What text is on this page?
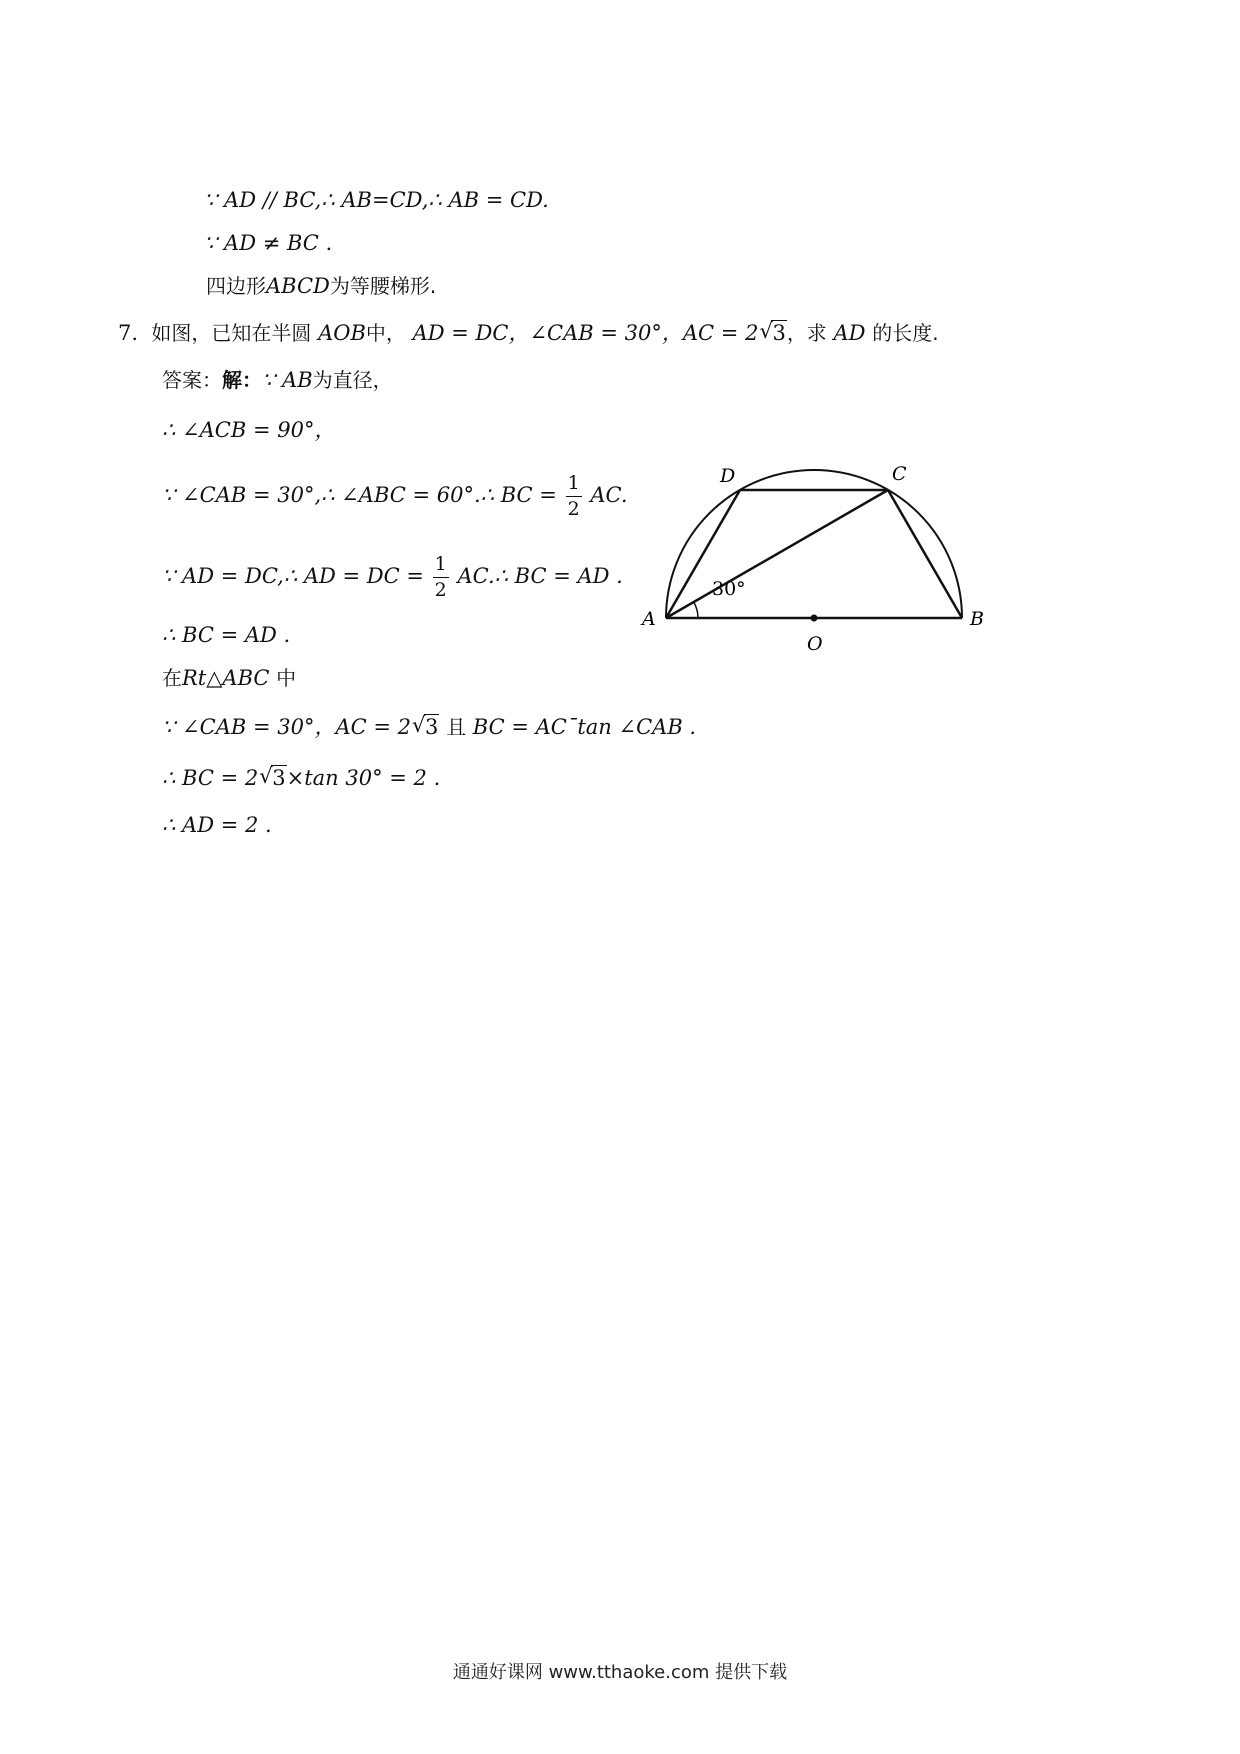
∵ AD // BC,∴ AB=CD,∴ AB = CD.
∵ AD ≠ BC .
四边形ABCD为等腰梯形.
7. 如图，已知在半圆 AOB中， AD = DC，∠CAB = 30°，AC = 2 √ 3，求 AD 的长度.
答案：解：∵ AB为直径，
∴ ∠ACB = 90°，
∵ ∠CAB = 30°,∴ ∠ABC = 60°.∴ BC = $\frac{1}{2}$ AC.
∵ AD = DC,∴ AD = DC = $\frac{1}{2}$ AC.∴ BC = AD .
∴ BC = AD .
在Rt△ABC 中
∵ ∠CAB = 30°，AC = 2 √ 3 且 BC = AC¯tan ∠CAB .
∴ BC = 2 √ 3×tan 30° = 2 .
∴ AD = 2 .
A	B
C
D
O
30°
通通好课网 www.tthaoke.com 提供下载
